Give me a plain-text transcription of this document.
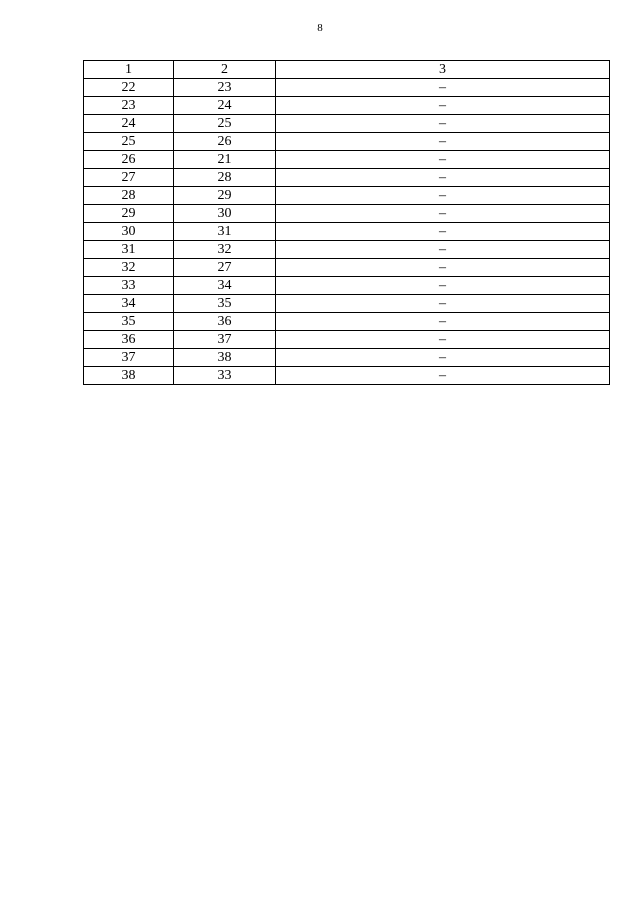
8
1	2	3
22	23	–
23	24	–
24	25	–
25	26	–
26	21	–
27	28	–
28	29	–
29	30	–
30	31	–
31	32	–
32	27	–
33	34	–
34	35	–
35	36	–
36	37	–
37	38	–
38	33	–
